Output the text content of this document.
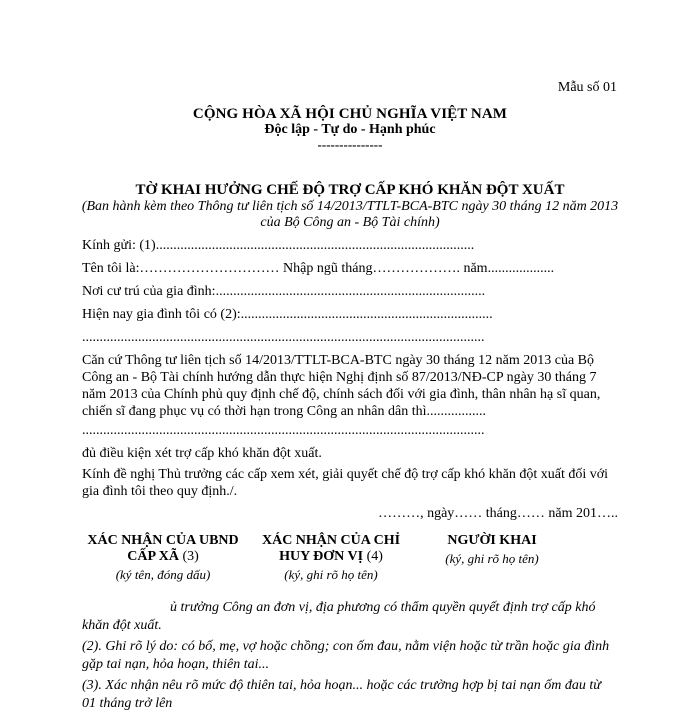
Mẫu số 01
CỘNG HÒA XÃ HỘI CHỦ NGHĨA VIỆT NAM
Độc lập - Tự do - Hạnh phúc
---------------
TỜ KHAI HƯỞNG CHẾ ĐỘ TRỢ CẤP KHÓ KHĂN ĐỘT XUẤT
(Ban hành kèm theo Thông tư liên tịch số 14/2013/TTLT-BCA-BTC ngày 30 tháng 12 năm 2013
của Bộ Công an - Bộ Tài chính)
Kính gửi: (1)...........................................................................................
Tên tôi là:………………………… Nhập ngũ tháng………………. năm...................
Nơi cư trú của gia đình:.............................................................................
Hiện nay gia đình tôi có (2):........................................................................
...................................................................................................................
Căn cứ Thông tư liên tịch số 14/2013/TTLT-BCA-BTC ngày 30 tháng 12 năm 2013 của Bộ Công an - Bộ Tài chính hướng dẫn thực hiện Nghị định số 87/2013/NĐ-CP ngày 30 tháng 7 năm 2013 của Chính phủ quy định chế độ, chính sách đối với gia đình, thân nhân hạ sĩ quan, chiến sĩ đang phục vụ có thời hạn trong Công an nhân dân thì.................
...................................................................................................................
đủ điều kiện xét trợ cấp khó khăn đột xuất.
Kính đề nghị Thủ trưởng các cấp xem xét, giải quyết chế độ trợ cấp khó khăn đột xuất đối với gia đình tôi theo quy định./.
………, ngày…… tháng…… năm 201…..
XÁC NHẬN CỦA UBND CẤP XÃ (3)
(ký tên, đóng dấu)
XÁC NHẬN CỦA CHỈ HUY ĐƠN VỊ (4)
(ký, ghi rõ họ tên)
NGƯỜI KHAI
(ký, ghi rõ họ tên)
ủ trưởng Công an đơn vị, địa phương có thẩm quyền quyết định trợ cấp khó khăn đột xuất.
(2). Ghi rõ lý do: có bố, mẹ, vợ hoặc chồng; con ốm đau, nằm viện hoặc từ trần hoặc gia đình gặp tai nạn, hỏa hoạn, thiên tai...
(3). Xác nhận nêu rõ mức độ thiên tai, hỏa hoạn... hoặc các trường hợp bị tai nạn ốm đau từ 01 tháng trở lên
